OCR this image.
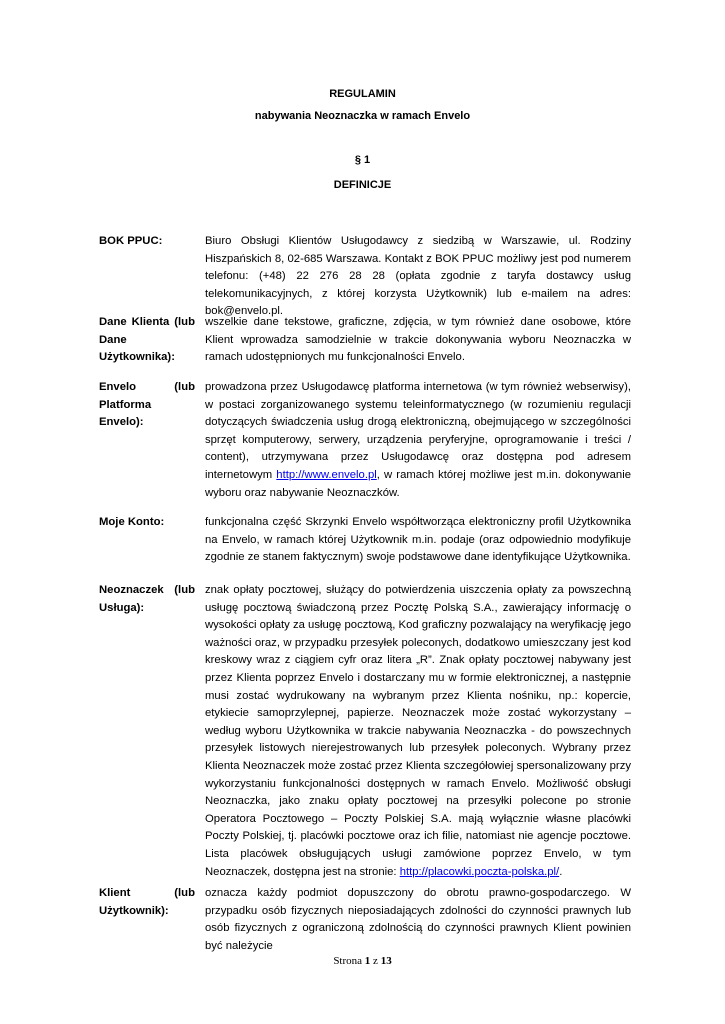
REGULAMIN
nabywania Neoznaczka w ramach Envelo
§ 1
DEFINICJE
BOK PPUC:	Biuro Obsługi Klientów Usługodawcy z siedzibą w Warszawie, ul. Rodziny Hiszpańskich 8, 02-685 Warszawa. Kontakt z BOK PPUC możliwy jest pod numerem telefonu: (+48) 22 276 28 28 (opłata zgodnie z taryfa dostawcy usług telekomunikacyjnych, z której korzysta Użytkownik) lub e-mailem na adres: bok@envelo.pl.
Dane Klienta (lub
Dane
Użytkownika):
wszelkie dane tekstowe, graficzne, zdjęcia, w tym również dane osobowe, które Klient wprowadza samodzielnie w trakcie dokonywania wyboru Neoznaczka w ramach udostępnionych mu funkcjonalności Envelo.
Envelo (lub
Platforma Envelo):
prowadzona przez Usługodawcę platforma internetowa (w tym również webserwisy), w postaci zorganizowanego systemu teleinformatycznego (w rozumieniu regulacji dotyczących świadczenia usług drogą elektroniczną, obejmującego w szczególności sprzęt komputerowy, serwery, urządzenia peryferyjne, oprogramowanie i treści / content), utrzymywana przez Usługodawcę oraz dostępna pod adresem internetowym http://www.envelo.pl, w ramach której możliwe jest m.in. dokonywanie wyboru oraz nabywanie Neoznaczków.
Moje Konto:	funkcjonalna część Skrzynki Envelo współtworząca elektroniczny profil Użytkownika na Envelo, w ramach której Użytkownik m.in. podaje (oraz odpowiednio modyfikuje zgodnie ze stanem faktycznym) swoje podstawowe dane identyfikujące Użytkownika.
Neoznaczek (lub
Usługa):
znak opłaty pocztowej, służący do potwierdzenia uiszczenia opłaty za powszechną usługę pocztową świadczoną przez Pocztę Polską S.A., zawierający informację o wysokości opłaty za usługę pocztową, Kod graficzny pozwalający na weryfikację jego ważności oraz, w przypadku przesyłek poleconych, dodatkowo umieszczany jest kod kreskowy wraz z ciągiem cyfr oraz litera „R”. Znak opłaty pocztowej nabywany jest przez Klienta poprzez Envelo i dostarczany mu w formie elektronicznej, a następnie musi zostać wydrukowany na wybranym przez Klienta nośniku, np.: kopercie, etykiecie samoprzylepnej, papierze. Neoznaczek może zostać wykorzystany – według wyboru Użytkownika w trakcie nabywania Neoznaczka - do powszechnych przesyłek listowych nierejestrowanych lub przesyłek poleconych. Wybrany przez Klienta Neoznaczek może zostać przez Klienta szczegółowiej spersonalizowany przy wykorzystaniu funkcjonalności dostępnych w ramach Envelo. Możliwość obsługi Neoznaczka, jako znaku opłaty pocztowej na przesyłki polecone po stronie Operatora Pocztowego – Poczty Polskiej S.A. mają wyłącznie własne placówki Poczty Polskiej, tj. placówki pocztowe oraz ich filie, natomiast nie agencje pocztowe. Lista placówek obsługujących usługi zamówione poprzez Envelo, w tym Neoznaczek, dostępna jest na stronie: http://placowki.poczta-polska.pl/.
Klient (lub
Użytkownik):
oznacza każdy podmiot dopuszczony do obrotu prawno-gospodarczego. W przypadku osób fizycznych nieposiadających zdolności do czynności prawnych lub osób fizycznych z ograniczoną zdolnością do czynności prawnych Klient powinien być należycie
Strona 1 z 13
